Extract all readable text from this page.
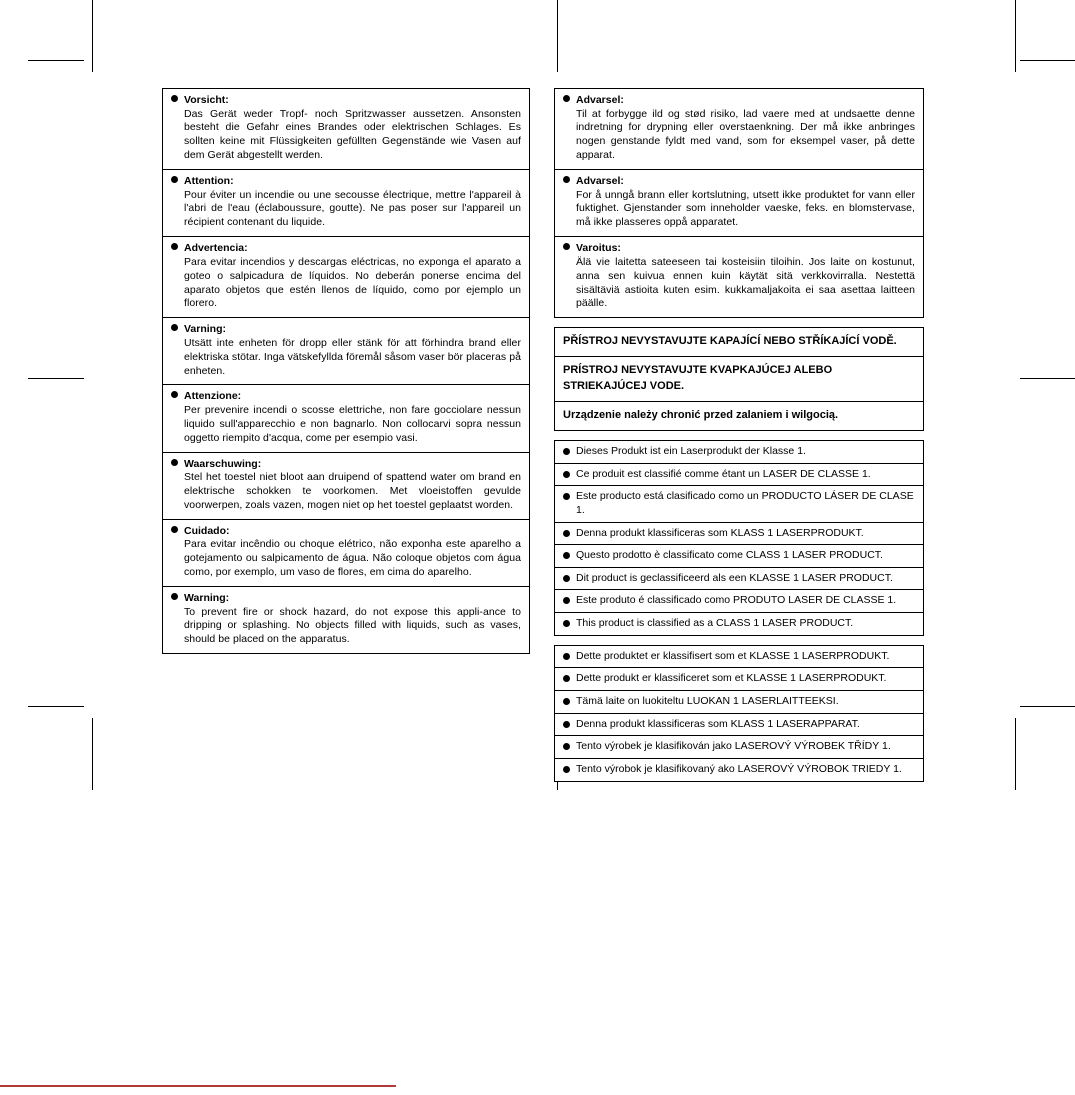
Vorsicht:
Das Gerät weder Tropf- noch Spritzwasser aussetzen. Ansonsten besteht die Gefahr eines Brandes oder elektrischen Schlages. Es sollten keine mit Flüssigkeiten gefüllten Gegenstände wie Vasen auf dem Gerät abgestellt werden.
Attention:
Pour éviter un incendie ou une secousse électrique, mettre l'appareil à l'abri de l'eau (éclaboussure, goutte). Ne pas poser sur l'appareil un récipient contenant du liquide.
Advertencia:
Para evitar incendios y descargas eléctricas, no exponga el aparato a goteo o salpicadura de líquidos. No deberán ponerse encima del aparato objetos que estén llenos de líquido, como por ejemplo un florero.
Varning:
Utsätt inte enheten för dropp eller stänk för att förhindra brand eller elektriska stötar. Inga vätskefyllda föremål såsom vaser bör placeras på enheten.
Attenzione:
Per prevenire incendi o scosse elettriche, non fare gocciolare nessun liquido sull'apparecchio e non bagnarlo. Non collocarvi sopra nessun oggetto riempito d'acqua, come per esempio vasi.
Waarschuwing:
Stel het toestel niet bloot aan druipend of spattend water om brand en elektrische schokken te voorkomen. Met vloeistoffen gevulde voorwerpen, zoals vazen, mogen niet op het toestel geplaatst worden.
Cuidado:
Para evitar incêndio ou choque elétrico, não exponha este aparelho a gotejamento ou salpicamento de água. Não coloque objetos com água como, por exemplo, um vaso de flores, em cima do aparelho.
Warning:
To prevent fire or shock hazard, do not expose this appli-ance to dripping or splashing. No objects filled with liquids, such as vases, should be placed on the apparatus.
Advarsel:
Til at forbygge ild og stød risiko, lad vaere med at undsaette denne indretning for drypning eller overstaenkning. Der må ikke anbringes nogen genstande fyldt med vand, som for eksempel vaser, på dette apparat.
Advarsel:
For å unngå brann eller kortslutning, utsett ikke produktet for vann eller fuktighet. Gjenstander som inneholder vaeske, feks. en blomstervase, må ikke plasseres oppå apparatet.
Varoitus:
Älä vie laitetta sateeseen tai kosteisiin tiloihin. Jos laite on kostunut, anna sen kuivua ennen kuin käytät sitä verkkovirralla. Nestettä sisältäviä astioita kuten esim. kukkamaljakoita ei saa asettaa laitteen päälle.
PŘÍSTROJ NEVYSTAVUJTE KAPAJÍCÍ NEBO STŘÍKAJÍCÍ VODĚ.
PRÍSTROJ NEVYSTAVUJTE KVAPKAJÚCEJ ALEBO STRIEKAJÚCEJ VODE.
Urządzenie należy chronić przed zalaniem i wilgocią.
Dieses Produkt ist ein Laserprodukt der Klasse 1.
Ce produit est classifié comme étant un LASER DE CLASSE 1.
Este producto está clasificado como un PRODUCTO LÁSER DE CLASE 1.
Denna produkt klassificeras som KLASS 1 LASERPRODUKT.
Questo prodotto è classificato come CLASS 1 LASER PRODUCT.
Dit product is geclassificeerd als een KLASSE 1 LASER PRODUCT.
Este produto é classificado como PRODUTO LASER DE CLASSE 1.
This product is classified as a CLASS 1 LASER PRODUCT.
Dette produktet er klassifisert som et KLASSE 1 LASERPRODUKT.
Dette produkt er klassificeret som et KLASSE 1 LASERPRODUKT.
Tämä laite on luokiteltu LUOKAN 1 LASERLAITTEEKSI.
Denna produkt klassificeras som KLASS 1 LASERAPPARAT.
Tento výrobek je klasifikován jako LASEROVÝ VÝROBEK TŘÍDY 1.
Tento výrobok je klasifikovaný ako LASEROVÝ VÝROBOK TRIEDY 1.
